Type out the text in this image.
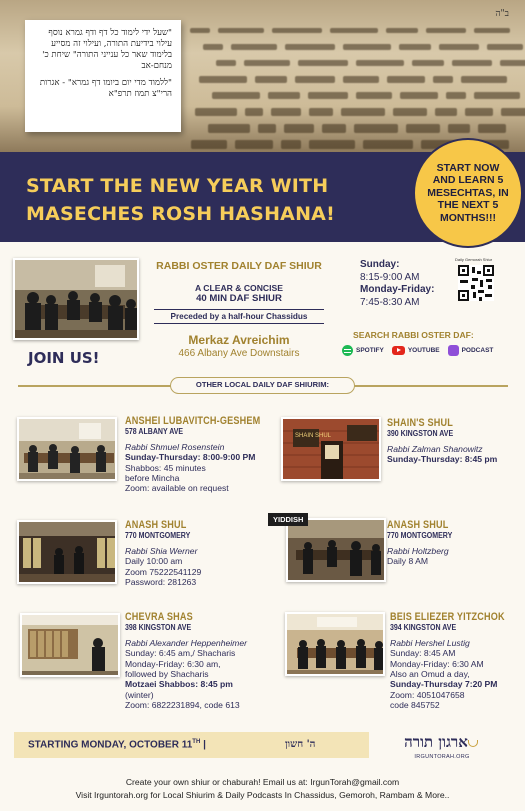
ב"ה

"שעל ידי לימוד כל דף ודף גמרא נוסף עילוי בידיעת התורה, ועילוי זה מסייע בלימוד שאר כל ענייני התורה" שיחת כ' מנחם-אב

"ללמוד מדי יום ביומו דף גמרא" - אגרות הרי"צ תמוז תרפ"א

START THE NEW YEAR WITH
MASECHES ROSH HASHANA!
START NOW AND LEARN 5 MESECHTAS, IN THE NEXT 5 MONTHS!!!
JOIN US!
RABBI OSTER DAILY DAF SHIUR
A CLEAR & CONCISE
40 MIN DAF SHIUR
Preceded by a half-hour Chassidus
Merkaz Avreichim
466 Albany Ave Downstairs
Sunday:
8:15-9:00 AM
Monday-Friday:
7:45-8:30 AM
Daily Gemorah Shiur
SEARCH RABBI OSTER DAF:
SPOTIFY	YOUTUBE	PODCAST
OTHER LOCAL DAILY DAF SHIURIM:
ANSHEI LUBAVITCH-GESHEM
578 ALBANY AVE
Rabbi Shmuel Rosenstein
Sunday-Thursday: 8:00-9:00 PM
Shabbos: 45 minutes
before Mincha
Zoom: available on request
SHAIN SHUL
SHAIN'S SHUL
390 KINGSTON AVE
Rabbi Zalman Shanowitz
Sunday-Thursday: 8:45 pm
ANASH SHUL
770 MONTGOMERY
Rabbi Shia Werner
Daily 10:00 am
Zoom 75222541129
Password: 281263
YIDDISH	ANASH SHUL
770 MONTGOMERY
Rabbi Holtzberg
Daily 8 AM
CHEVRA SHAS
398 KINGSTON AVE
Rabbi Alexander Heppenheimer
Sunday: 6:45 am,/ Shacharis
Monday-Friday: 6:30 am,
followed by Shacharis
Motzaei Shabbos: 8:45 pm
(winter)
Zoom: 6822231894, code 613
BEIS ELIEZER YITZCHOK
394 KINGSTON AVE
Rabbi Hershel Lustig
Sunday: 8:45 AM
Monday-Friday: 6:30 AM
Also an Omud a day,
Sunday-Thursday 7:20 PM
Zoom: 4051047658
code 845752
STARTING MONDAY, OCTOBER 11TH |	ה' חשון	ארגון תורה
IRGUNTORAH.ORG
Create your own shiur or chaburah! Email us at: IrgunTorah@gmail.com
Visit Irguntorah.org for Local Shiurim & Daily Podcasts In Chassidus, Gemoroh, Rambam & More..
